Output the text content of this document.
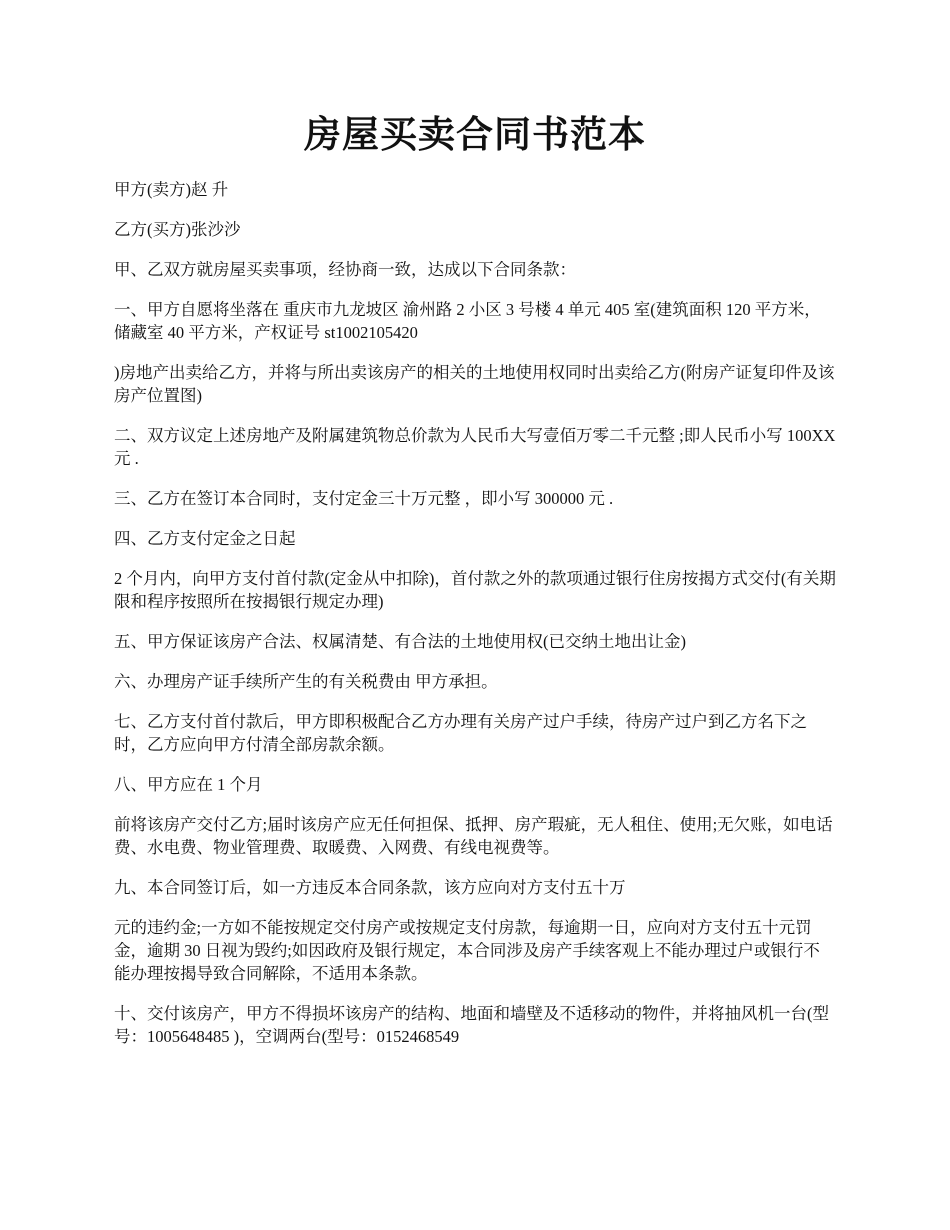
房屋买卖合同书范本

甲方(卖方)赵 升

乙方(买方)张沙沙

甲、乙双方就房屋买卖事项，经协商一致，达成以下合同条款：

一、甲方自愿将坐落在 重庆市九龙坡区 渝州路 2 小区 3 号楼 4 单元 405 室(建筑面积 120 平方米，储藏室 40 平方米，产权证号 st1002105420

)房地产出卖给乙方，并将与所出卖该房产的相关的土地使用权同时出卖给乙方(附房产证复印件及该房产位置图)

二、双方议定上述房地产及附属建筑物总价款为人民币大写壹佰万零二千元整 ;即人民币小写 100XX 元 .

三、乙方在签订本合同时，支付定金三十万元整 ，即小写 300000 元 .

四、乙方支付定金之日起

2 个月内，向甲方支付首付款(定金从中扣除)，首付款之外的款项通过银行住房按揭方式交付(有关期限和程序按照所在按揭银行规定办理)

五、甲方保证该房产合法、权属清楚、有合法的土地使用权(已交纳土地出让金)

六、办理房产证手续所产生的有关税费由 甲方承担。

七、乙方支付首付款后，甲方即积极配合乙方办理有关房产过户手续，待房产过户到乙方名下之时，乙方应向甲方付清全部房款余额。

八、甲方应在 1 个月

前将该房产交付乙方;届时该房产应无任何担保、抵押、房产瑕疵，无人租住、使用;无欠账，如电话费、水电费、物业管理费、取暖费、入网费、有线电视费等。

九、本合同签订后，如一方违反本合同条款，该方应向对方支付五十万

元的违约金;一方如不能按规定交付房产或按规定支付房款，每逾期一日，应向对方支付五十元罚金，逾期 30 日视为毁约;如因政府及银行规定，本合同涉及房产手续客观上不能办理过户或银行不能办理按揭导致合同解除，不适用本条款。

十、交付该房产，甲方不得损坏该房产的结构、地面和墙壁及不适移动的物件，并将抽风机一台(型号：1005648485 )，空调两台(型号：0152468549
